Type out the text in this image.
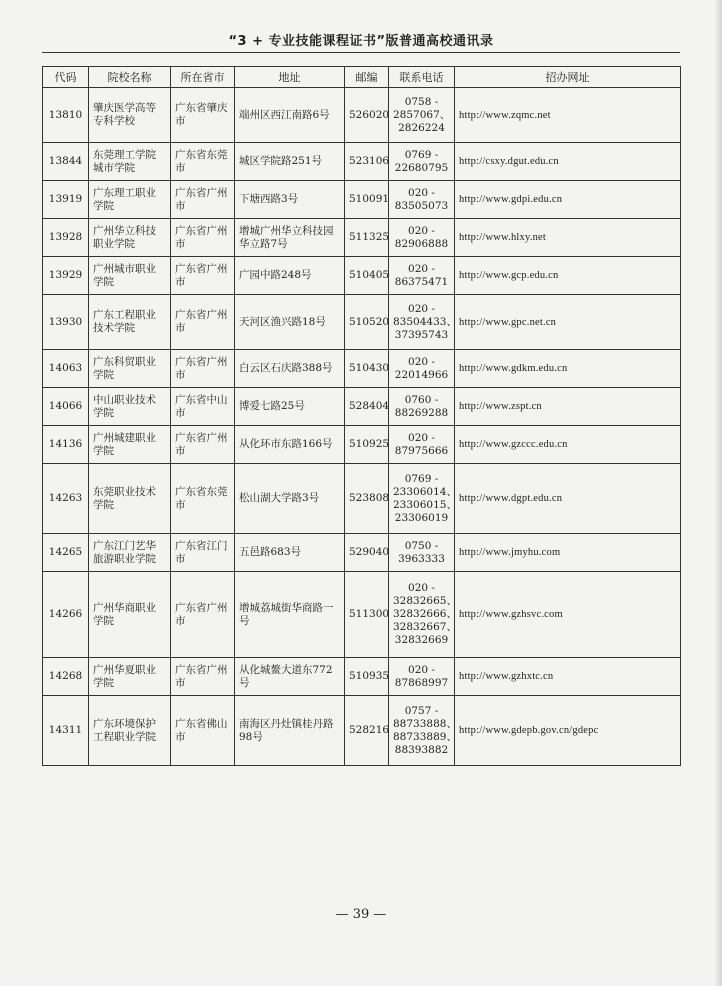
“3 + 专业技能课程证书”版普通高校通讯录
代码	院校名称	所在省市	地址	邮编	联系电话	招办网址
13810	肇庆医学高等专科学校	广东省肇庆市	端州区西江南路6号	526020	0758 - 2857067、2826224	http://www.zqmc.net
13844	东莞理工学院城市学院	广东省东莞市	城区学院路251号	523106	0769 - 22680795	http://csxy.dgut.edu.cn
13919	广东理工职业学院	广东省广州市	下塘西路3号	510091	020 - 83505073	http://www.gdpi.edu.cn
13928	广州华立科技职业学院	广东省广州市	增城广州华立科技园华立路7号	511325	020 - 82906888	http://www.hlxy.net
13929	广州城市职业学院	广东省广州市	广园中路248号	510405	020 - 86375471	http://www.gcp.edu.cn
13930	广东工程职业技术学院	广东省广州市	天河区渔兴路18号	510520	020 - 83504433、37395743	http://www.gpc.net.cn
14063	广东科贸职业学院	广东省广州市	白云区石庆路388号	510430	020 - 22014966	http://www.gdkm.edu.cn
14066	中山职业技术学院	广东省中山市	博爱七路25号	528404	0760 - 88269288	http://www.zspt.cn
14136	广州城建职业学院	广东省广州市	从化环市东路166号	510925	020 - 87975666	http://www.gzccc.edu.cn
14263	东莞职业技术学院	广东省东莞市	松山湖大学路3号	523808	0769 - 23306014、23306015、23306019	http://www.dgpt.edu.cn
14265	广东江门艺华旅游职业学院	广东省江门市	五邑路683号	529040	0750 - 3963333	http://www.jmyhu.com
14266	广州华商职业学院	广东省广州市	增城荔城街华商路一号	511300	020 - 32832665、32832666、32832667、32832669	http://www.gzhsvc.com
14268	广州华夏职业学院	广东省广州市	从化城鳌大道东772号	510935	020 - 87868997	http://www.gzhxtc.cn
14311	广东环境保护工程职业学院	广东省佛山市	南海区丹灶镇桂丹路98号	528216	0757 - 88733888、88733889、88393882	http://www.gdepb.gov.cn/gdepc
— 39 —
